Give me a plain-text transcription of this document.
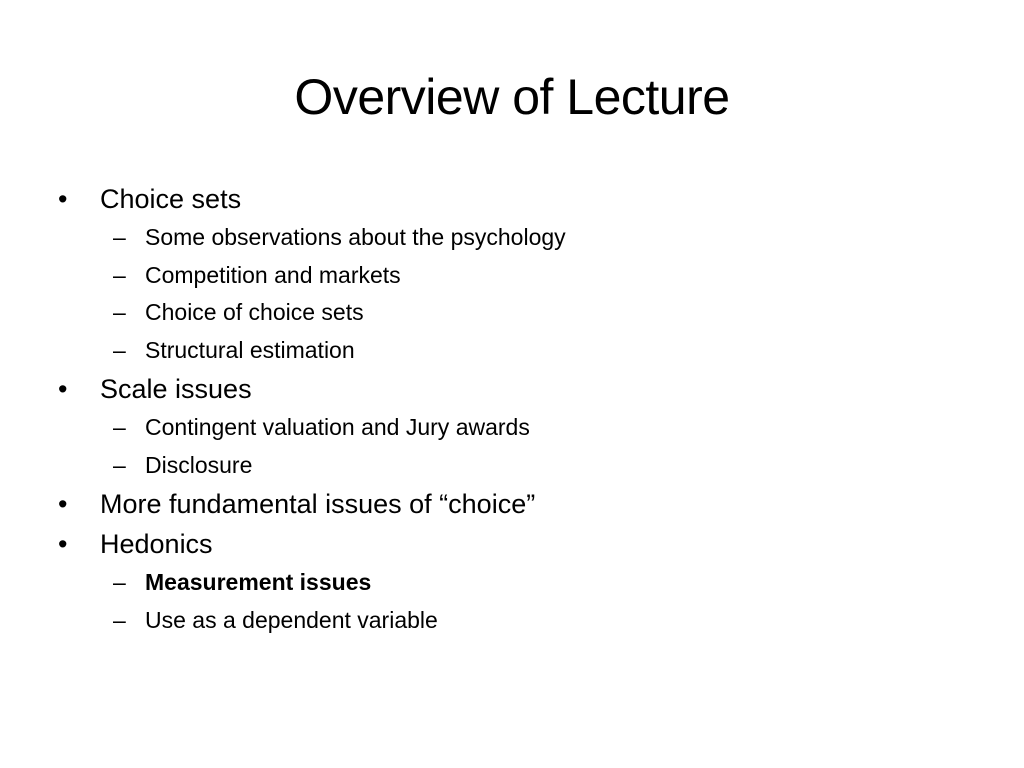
Overview of Lecture
•	Choice sets
– Some observations about the psychology
– Competition and markets
– Choice of choice sets
– Structural estimation
•	Scale issues
– Contingent valuation and Jury awards
– Disclosure
•	More fundamental issues of “choice”
•	Hedonics
– Measurement issues
– Use as a dependent variable
